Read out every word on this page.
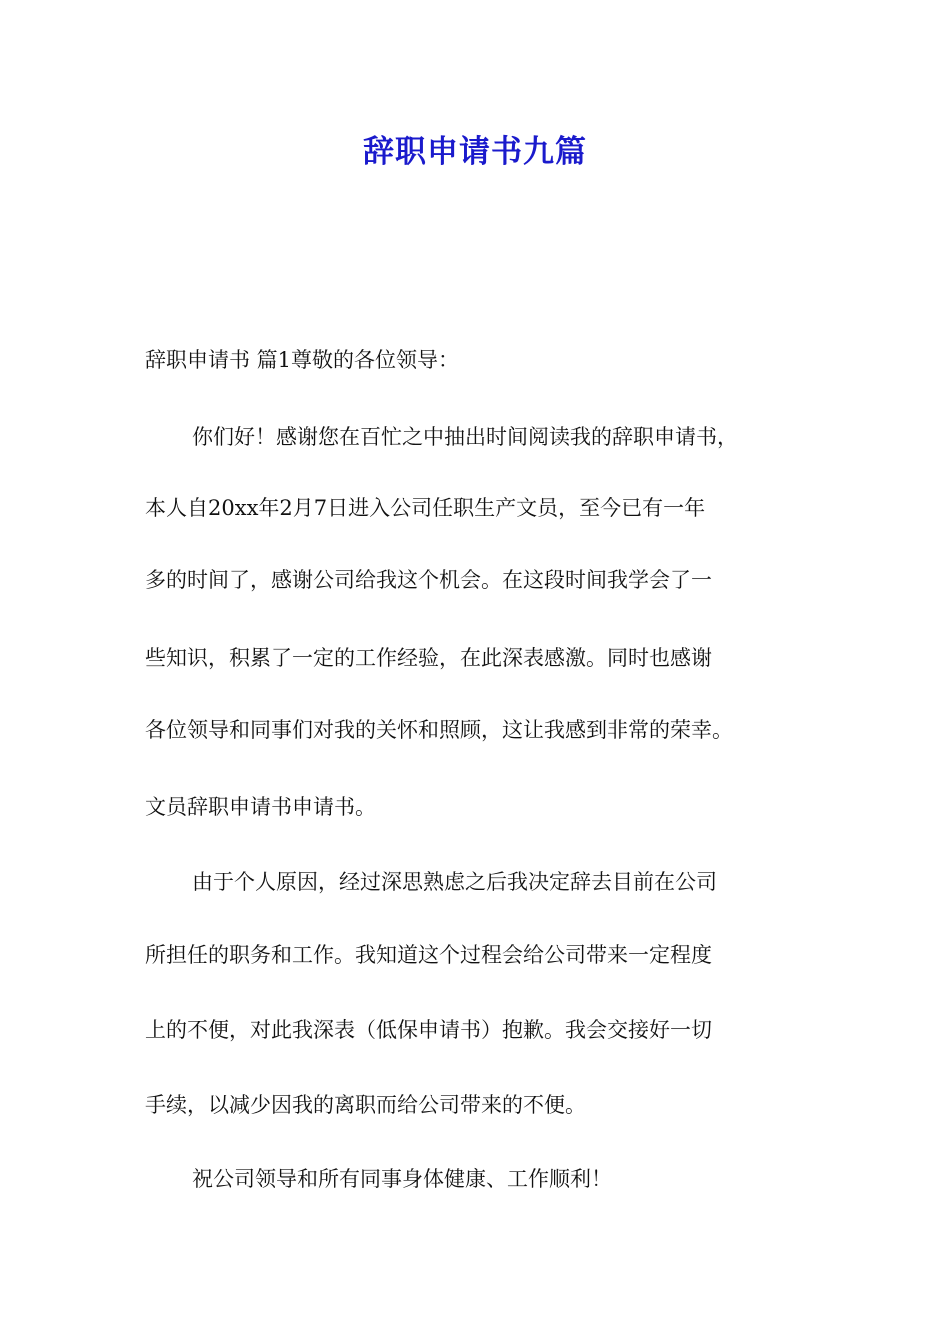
辞职申请书九篇

辞职申请书 篇1尊敬的各位领导：

你们好！感谢您在百忙之中抽出时间阅读我的辞职申请书，

本人自20xx年2月7日进入公司任职生产文员，至今已有一年

多的时间了，感谢公司给我这个机会。在这段时间我学会了一

些知识，积累了一定的工作经验，在此深表感激。同时也感谢

各位领导和同事们对我的关怀和照顾，这让我感到非常的荣幸。

文员辞职申请书申请书。

由于个人原因，经过深思熟虑之后我决定辞去目前在公司

所担任的职务和工作。我知道这个过程会给公司带来一定程度

上的不便，对此我深表（低保申请书）抱歉。我会交接好一切

手续，以减少因我的离职而给公司带来的不便。

祝公司领导和所有同事身体健康、工作顺利！
